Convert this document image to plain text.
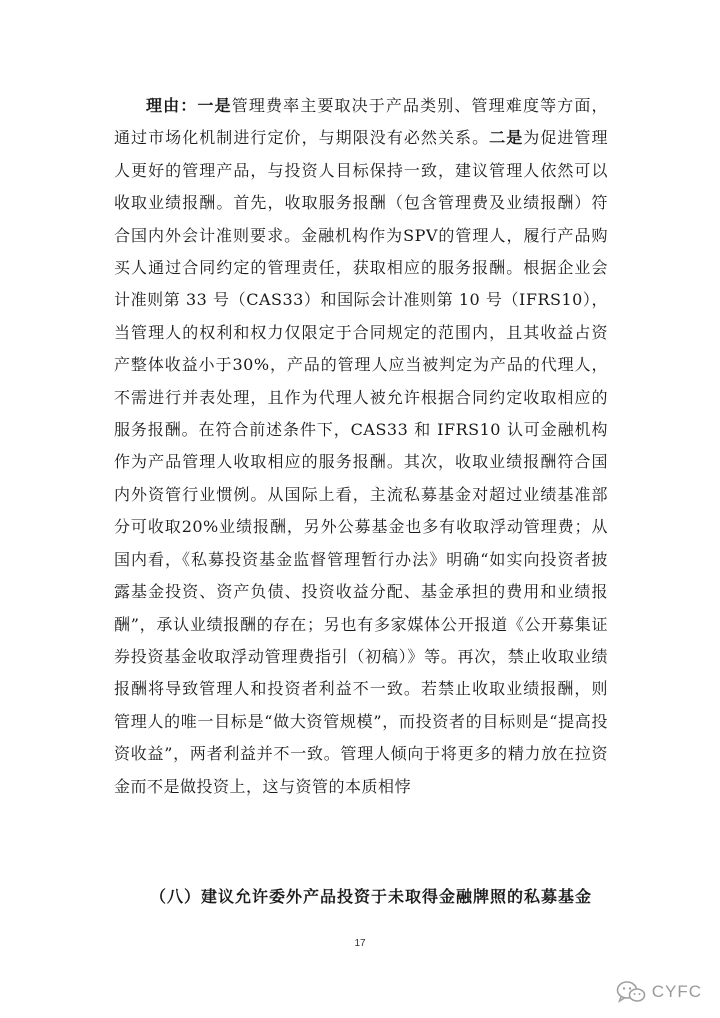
理由：一是管理费率主要取决于产品类别、管理难度等方面，通过市场化机制进行定价，与期限没有必然关系。二是为促进管理人更好的管理产品，与投资人目标保持一致，建议管理人依然可以收取业绩报酬。首先，收取服务报酬（包含管理费及业绩报酬）符合国内外会计准则要求。金融机构作为SPV的管理人，履行产品购买人通过合同约定的管理责任，获取相应的服务报酬。根据企业会计准则第 33 号（CAS33）和国际会计准则第 10 号（IFRS10），当管理人的权利和权力仅限定于合同规定的范围内，且其收益占资产整体收益小于30%，产品的管理人应当被判定为产品的代理人，不需进行并表处理，且作为代理人被允许根据合同约定收取相应的服务报酬。在符合前述条件下，CAS33 和 IFRS10 认可金融机构作为产品管理人收取相应的服务报酬。其次，收取业绩报酬符合国内外资管行业惯例。从国际上看，主流私募基金对超过业绩基准部分可收取20%业绩报酬，另外公募基金也多有收取浮动管理费；从国内看，《私募投资基金监督管理暂行办法》明确“如实向投资者披露基金投资、资产负债、投资收益分配、基金承担的费用和业绩报酬”，承认业绩报酬的存在；另也有多家媒体公开报道《公开募集证券投资基金收取浮动管理费指引（初稿）》等。再次，禁止收取业绩报酬将导致管理人和投资者利益不一致。若禁止收取业绩报酬，则管理人的唯一目标是“做大资管规模”，而投资者的目标则是“提高投资收益”，两者利益并不一致。管理人倾向于将更多的精力放在拉资金而不是做投资上，这与资管的本质相悖

（八）建议允许委外产品投资于未取得金融牌照的私募基金
17
CYFC
